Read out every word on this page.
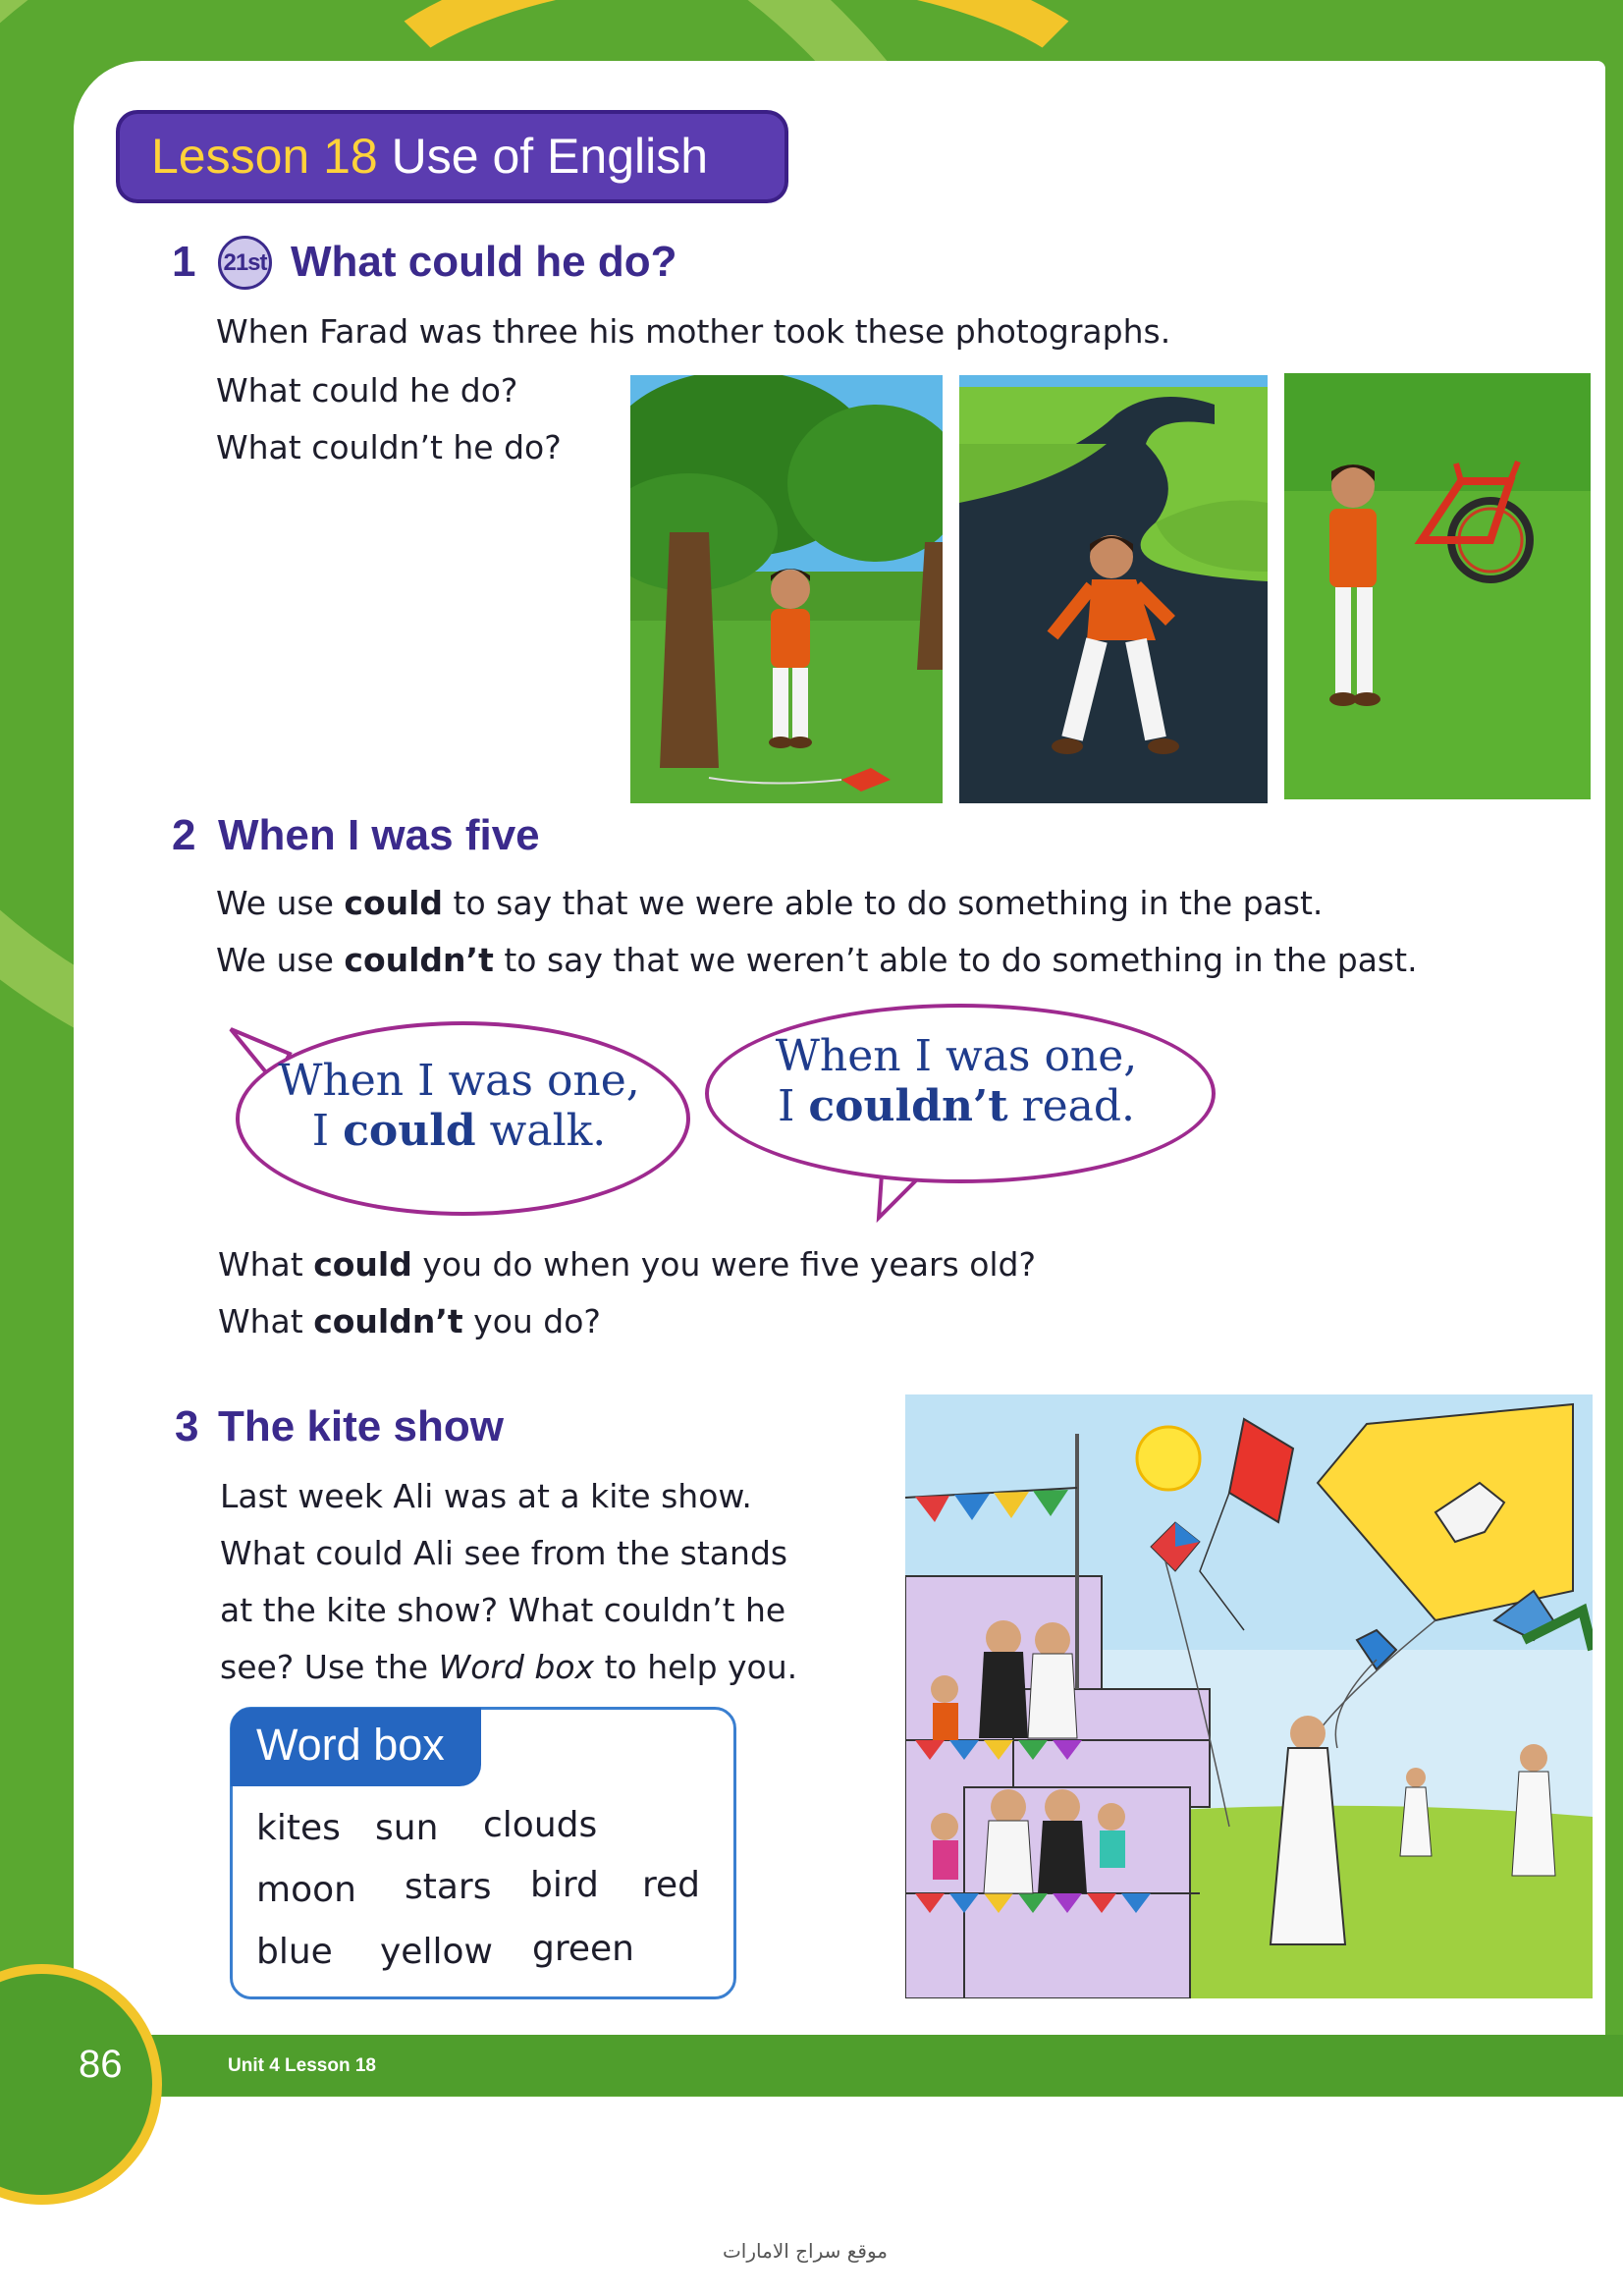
86	Unit 4 Lesson 18
موقع سراج الامارات
Lesson 18 Use of English
1 21st What could he do?
When Farad was three his mother took these photographs.
What could he do?
What couldn’t he do?
2 When I was five
We use could to say that we were able to do something in the past.
We use couldn’t to say that we weren’t able to do something in the past.
When I was one,
I could walk.
When I was one,
I couldn’t read.
What could you do when you were five years old?
What couldn’t you do?
3 The kite show
Last week Ali was at a kite show.
What could Ali see from the stands
at the kite show? What couldn’t he
see? Use the Word box to help you.
Word box
kites sun clouds
moon stars bird red
blue yellow green
